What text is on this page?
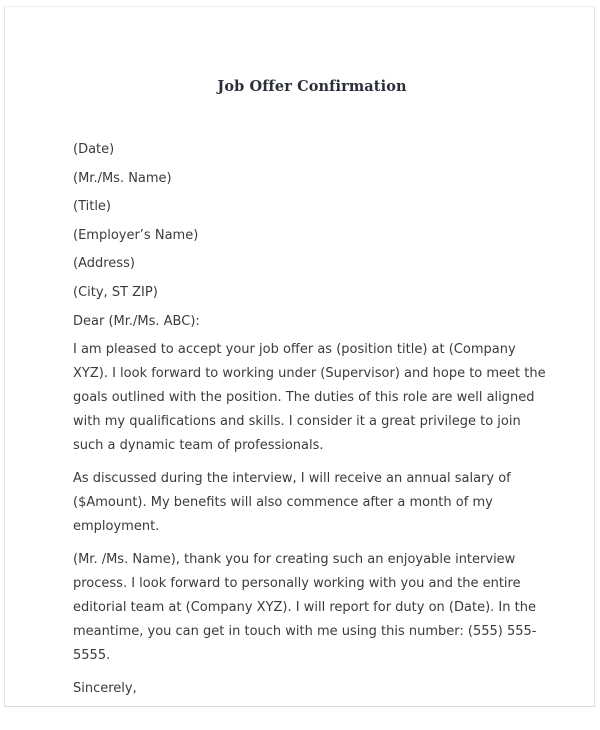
Job Offer Confirmation

(Date)

(Mr./Ms. Name)

(Title)

(Employer’s Name)

(Address)

(City, ST ZIP)

Dear (Mr./Ms. ABC):

I am pleased to accept your job offer as (position title) at (Company XYZ). I look forward to working under (Supervisor) and hope to meet the goals outlined with the position. The duties of this role are well aligned with my qualifications and skills. I consider it a great privilege to join such a dynamic team of professionals.

As discussed during the interview, I will receive an annual salary of ($Amount). My benefits will also commence after a month of my employment.

(Mr. /Ms. Name), thank you for creating such an enjoyable interview process. I look forward to personally working with you and the entire editorial team at (Company XYZ). I will report for duty on (Date). In the meantime, you can get in touch with me using this number: (555) 555-5555.

Sincerely,
